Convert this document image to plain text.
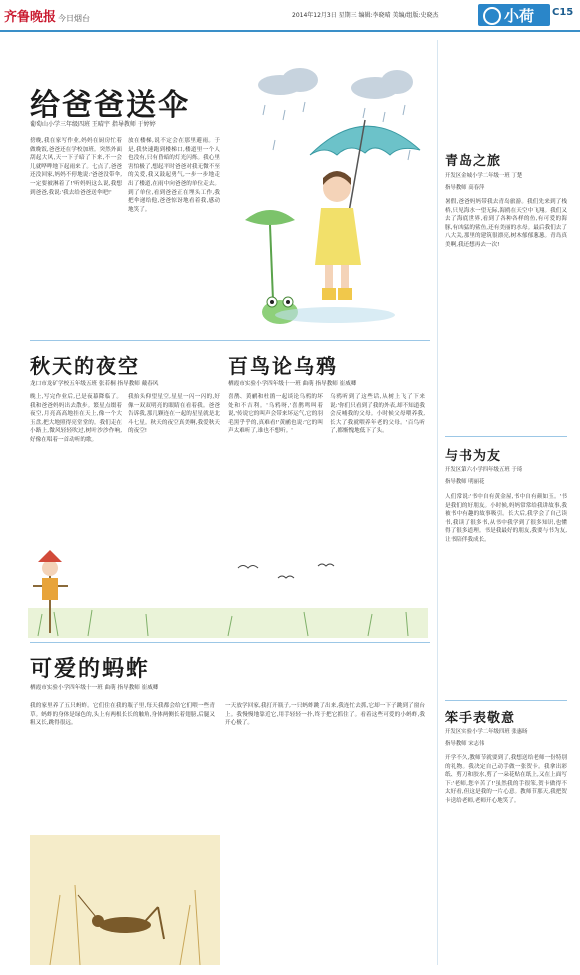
齐鲁晚报 今日烟台	2014年12月3日 星期三 编辑:李晓晴 美编/组版:史晓杰	小荷 C15
给爸爸送伞
葡萄山小学三年级四班 王晴宇 指导教师 于婷婷
傍晚,我在家写作业,妈妈在厨房忙着做晚饭,爸爸还在学校加班。突然外面刮起大风,天一下子暗了下来,不一会儿就哗哗地下起雨来了。七点了,爸爸还没回家,妈妈不停地说:'爸爸没带伞,一定要被淋着了!'听妈妈这么说,我想到爸爸,我说:'我去给爸爸送伞吧!'
放在楼梯,说不定会在那里避雨。于是,我快速跑到楼梯口,楼道里一个人也没有,只有昏暗的灯光闪烁。我心里害怕极了,想起平时爸爸对我无微不至的关爱,我又鼓起勇气,一步一步地走出了楼道,在雨中向爸爸的单位走去。到了单位,看到爸爸正在埋头工作,我把伞递给他,爸爸惊讶地看着我,感动地笑了。
秋天的夜空
龙口市龙矿学校五年级五班 张若桐 指导教师 戴春风
晚上,写完作业后,已是夜幕降临了。我和爸爸妈妈出去散步。繁星点缀着夜空,月亮高高地挂在天上,像一个大玉盘,把大地照得亮堂堂的。我们走在小路上,微风轻轻吹过,树叶沙沙作响,好像在唱着一首动听的歌。
我抬头仰望星空,星星一闪一闪的,好像一双双明亮的眼睛在看着我。爸爸告诉我,那几颗连在一起的星星就是北斗七星。秋天的夜空真美啊,我爱秋天的夜空!
百鸟论乌鸦
栖霞市实验小学四年级十一班 曲萌 指导教师 崔威卿
喜鹊、黄鹂和杜鹃一起谈论乌鸦的坏处和不吉利。'乌鸦呀,'喜鹊鸣叫着说,'传说它的叫声会带来坏运气,它的羽毛黑乎乎的,真难看!'黄鹂也说:'它的叫声太难听了,谁也不想听。'
乌鸦听到了这些话,从树上飞了下来说:'你们只看到了我的外表,却不知道我会反哺我的父母。小时候父母喂养我,长大了我就喂养年老的父母。'百鸟听了,都惭愧地低下了头。
可爱的蚂蚱
栖霞市实验小学四年级十一班 曲萌 指导教师 崔威卿
我的家里养了五只蚂蚱。它们住在我的瓶子里,每天我都会给它们喂一些青草。蚂蚱的身体是绿色的,头上有两根长长的触角,身体两侧长着翅膀,后腿又粗又长,跳得很远。
一天放学回家,我打开瓶子,一只蚂蚱跳了出来,我连忙去抓,它却一下子跳到了窗台上。我慢慢地靠近它,用手轻轻一扑,终于把它抓住了。看着这些可爱的小蚂蚱,我开心极了。
青岛之旅
开发区金城小学二年级一班 丁楚
指导教师 高春萍
暑假,爸爸妈妈带我去青岛旅游。我们先来到了栈桥,只见海水一望无际,海鸥在天空中飞翔。我们又去了海底世界,看到了各种各样的鱼,有可爱的海豚,有凶猛的鲨鱼,还有美丽的水母。最后我们去了八大关,那里的建筑很漂亮,树木郁郁葱葱。青岛真美啊,我还想再去一次!
与书为友
开发区第六小学四年级五班 于琦
指导教师 明丽花
人们常说:'书中自有黄金屋,书中自有颜如玉。'书是我们的好朋友。小时候,妈妈常常给我讲故事,我被书中有趣的故事吸引。长大后,我学会了自己读书,我读了很多书,从书中我学到了很多知识,也懂得了很多道理。书是我最好的朋友,我要与书为友,让书陪伴我成长。
笨手表敬意
开发区实验小学二年级四班 张惠旸
指导教师 宋志伟
开学不久,教师节就要到了,我想送给老师一份特别的礼物。我决定自己动手做一张贺卡。我拿出彩纸、剪刀和胶水,剪了一朵花贴在纸上,又在上面写下:'老师,您辛苦了!'虽然我的手很笨,贺卡做得不太好看,但这是我的一片心意。教师节那天,我把贺卡送给老师,老师开心地笑了。
